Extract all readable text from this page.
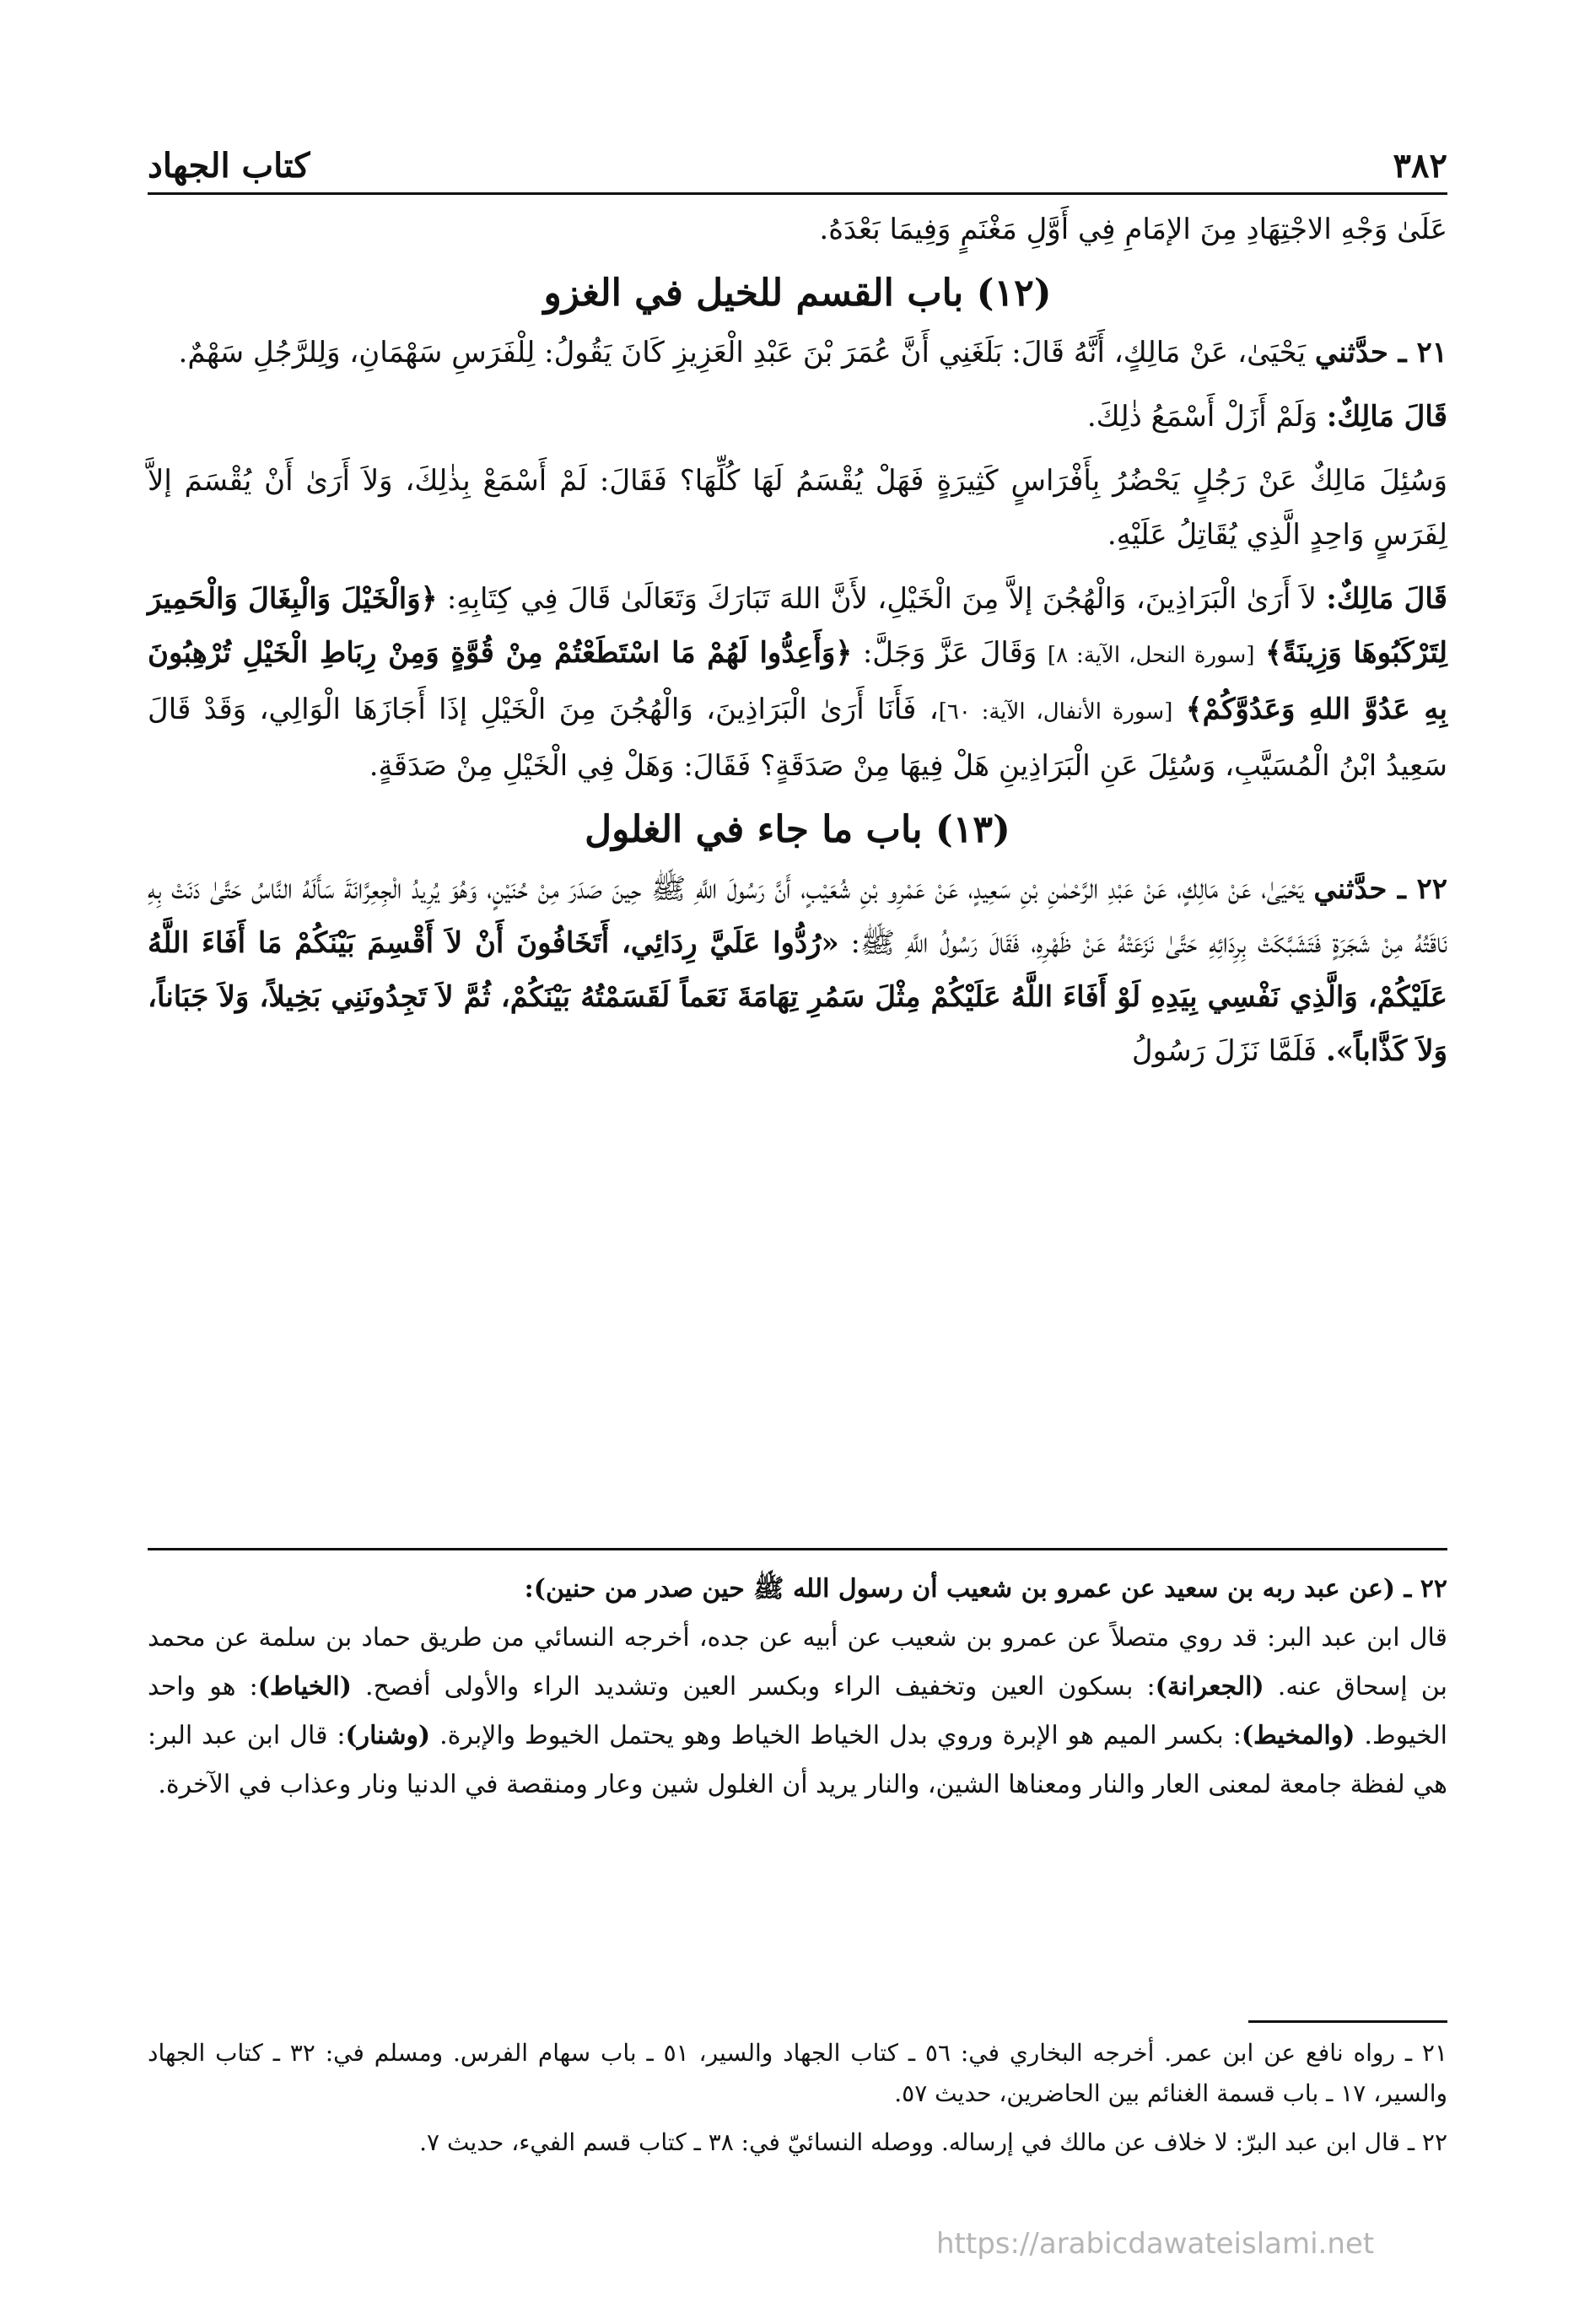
٣٨٢
كتاب الجهاد

عَلَىٰ وَجْهِ الاجْتِهَادِ مِنَ الإمَامِ فِي أَوَّلِ مَغْنَمٍ وَفِيمَا بَعْدَهُ.

(١٢) باب القسم للخيل في الغزو

٢١ ـ حدَّثني يَحْيَىٰ، عَنْ مَالِكٍ، أَنَّهُ قَالَ: بَلَغَنِي أَنَّ عُمَرَ بْنَ عَبْدِ الْعَزِيزِ كَانَ يَقُولُ: لِلْفَرَسِ سَهْمَانِ، وَلِلرَّجُلِ سَهْمٌ.

قَالَ مَالِكٌ: وَلَمْ أَزَلْ أَسْمَعُ ذٰلِكَ.

وَسُئِلَ مَالِكٌ عَنْ رَجُلٍ يَحْضُرُ بِأَفْرَاسٍ كَثِيرَةٍ فَهَلْ يُقْسَمُ لَهَا كُلِّهَا؟ فَقَالَ: لَمْ أَسْمَعْ بِذٰلِكَ، وَلاَ أَرَىٰ أَنْ يُقْسَمَ إلاَّ لِفَرَسٍ وَاحِدٍ الَّذِي يُقَاتِلُ عَلَيْهِ.

قَالَ مَالِكٌ: لاَ أَرَىٰ الْبَرَاذِينَ، وَالْهُجُنَ إلاَّ مِنَ الْخَيْلِ، لأَنَّ اللهَ تَبَارَكَ وَتَعَالَىٰ قَالَ فِي كِتَابِهِ: ﴿وَالْخَيْلَ وَالْبِغَالَ وَالْحَمِيرَ لِتَرْكَبُوهَا وَزِينَةً﴾ [سورة النحل، الآية: ٨] وَقَالَ عَزَّ وَجَلَّ: ﴿وَأَعِدُّوا لَهُمْ مَا اسْتَطَعْتُمْ مِنْ قُوَّةٍ وَمِنْ رِبَاطِ الْخَيْلِ تُرْهِبُونَ بِهِ عَدُوَّ اللهِ وَعَدُوَّكُمْ﴾ [سورة الأنفال، الآية: ٦٠]، فَأَنَا أَرَىٰ الْبَرَاذِينَ، وَالْهُجُنَ مِنَ الْخَيْلِ إذَا أَجَازَهَا الْوَالِي، وَقَدْ قَالَ سَعِيدُ ابْنُ الْمُسَيَّبِ، وَسُئِلَ عَنِ الْبَرَاذِينِ هَلْ فِيهَا مِنْ صَدَقَةٍ؟ فَقَالَ: وَهَلْ فِي الْخَيْلِ مِنْ صَدَقَةٍ.

(١٣) باب ما جاء في الغلول

٢٢ ـ حدَّثني يَحْيَىٰ، عَنْ مَالِكٍ، عَنْ عَبْدِ الرَّحْمٰنِ بْنِ سَعِيدٍ، عَنْ عَمْرِو بْنِ شُعَيْبٍ، أَنَّ رَسُولَ اللَّهِ ﷺ حِينَ صَدَرَ مِنْ حُنَيْنٍ، وَهُوَ يُرِيدُ الْجِعِرَّانَةَ سَأَلَهُ النَّاسُ حَتَّىٰ دَنَتْ بِهِ نَاقَتُهُ مِنْ شَجَرَةٍ فَتَشَبَّكَتْ بِرِدَائِهِ حَتَّىٰ نَزَعَتْهُ عَنْ ظَهْرِهِ، فَقَالَ رَسُولُ اللَّهِ ﷺ: «رُدُّوا عَلَيَّ رِدَائِي، أَتَخَافُونَ أَنْ لاَ أَقْسِمَ بَيْنَكُمْ مَا أَفَاءَ اللَّهُ عَلَيْكُمْ، وَالَّذِي نَفْسِي بِيَدِهِ لَوْ أَفَاءَ اللَّهُ عَلَيْكُمْ مِثْلَ سَمُرِ تِهَامَةَ نَعَماً لَقَسَمْتُهُ بَيْنَكُمْ، ثُمَّ لاَ تَجِدُونَنِي بَخِيلاً، وَلاَ جَبَاناً، وَلاَ كَذَّاباً». فَلَمَّا نَزَلَ رَسُولُ

٢٢ ـ (عن عبد ربه بن سعيد عن عمرو بن شعيب أن رسول الله ﷺ حين صدر من حنين):

قال ابن عبد البر: قد روي متصلاً عن عمرو بن شعيب عن أبيه عن جده، أخرجه النسائي من طريق حماد بن سلمة عن محمد بن إسحاق عنه. (الجعرانة): بسكون العين وتخفيف الراء وبكسر العين وتشديد الراء والأولى أفصح. (الخياط): هو واحد الخيوط. (والمخيط): بكسر الميم هو الإبرة وروي بدل الخياط الخياط وهو يحتمل الخيوط والإبرة. (وشنار): قال ابن عبد البر: هي لفظة جامعة لمعنى العار والنار ومعناها الشين، والنار يريد أن الغلول شين وعار ومنقصة في الدنيا ونار وعذاب في الآخرة.

٢١ ـ رواه نافع عن ابن عمر. أخرجه البخاري في: ٥٦ ـ كتاب الجهاد والسير، ٥١ ـ باب سهام الفرس. ومسلم في: ٣٢ ـ كتاب الجهاد والسير، ١٧ ـ باب قسمة الغنائم بين الحاضرين، حديث ٥٧.

٢٢ ـ قال ابن عبد البرّ: لا خلاف عن مالك في إرساله. ووصله النسائيّ في: ٣٨ ـ كتاب قسم الفيء، حديث ٧.

https://arabicdawateislami.net
